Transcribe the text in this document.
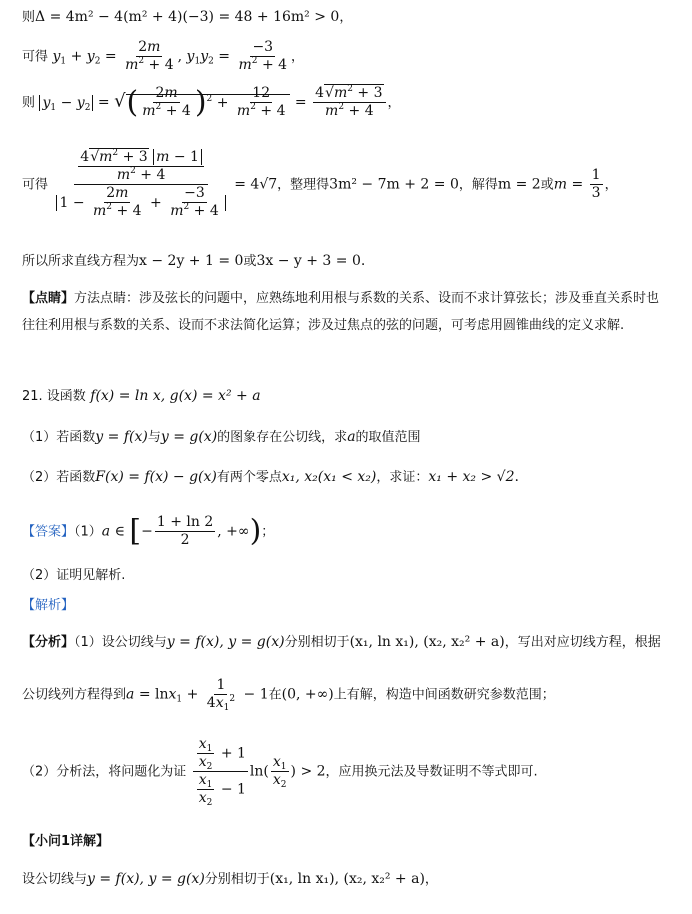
则Δ = 4m² − 4(m² + 4)(−3) = 48 + 16m² > 0，
可得 $y_1 + y_2 = \frac{2m}{m^2 + 4}$ , $y_1y_2 = \frac{-3}{m^2 + 4}$ ，
则 $y_1 - y_2$ = √( $\frac{2m}{m^2 + 4} )^2 + \frac{12}{m^2 + 4} = \frac{4√m^2 + 3}{m^2 + 4}$ ，
可得 $\frac{\frac{4√m^2 + 3 m - 1}{m^2 + 4}}{1 - \frac{2m}{m^2 + 4} + \frac{-3}{m^2 + 4}} = 4√7$，整理得3m² − 7m + 2 = 0，解得m = 2或$m = \frac{1}{3}$ ，
所以所求直线方程为x − 2y + 1 = 0或3x − y + 3 = 0.
【点睛】方法点睛：涉及弦长的问题中，应熟练地利用根与系数的关系、设而不求计算弦长；涉及垂直关系时也往往利用根与系数的关系、设而不求法简化运算；涉及过焦点的弦的问题，可考虑用圆锥曲线的定义求解.
21. 设函数 f(x) = ln x, g(x) = x² + a
（1）若函数y = f(x)与y = g(x)的图象存在公切线，求a的取值范围
（2）若函数F(x) = f(x) − g(x)有两个零点x₁, x₂(x₁ < x₂)，求证：x₁ + x₂ > √2.
【答案】（1）a ∈ [− $\frac{1 + \ln 2}{2}$ , +∞)；
（2）证明见解析.
【解析】
【分析】（1）设公切线与y = f(x), y = g(x)分别相切于(x₁, ln x₁), (x₂, x₂² + a)，写出对应切线方程，根据
公切线列方程得到$a = \ln x_1 + \frac{1}{4x_1^2} - 1$在(0, +∞)上有解，构造中间函数研究参数范围；
（2）分析法，将问题化为证 $\frac{\frac{x_1}{x_2} + 1}{\frac{x_1}{x_2} - 1} \ln( \frac{x_1}{x_2}$ ) > 2，应用换元法及导数证明不等式即可.
【小问1详解】
设公切线与y = f(x), y = g(x)分别相切于(x₁, ln x₁), (x₂, x₂² + a)，
